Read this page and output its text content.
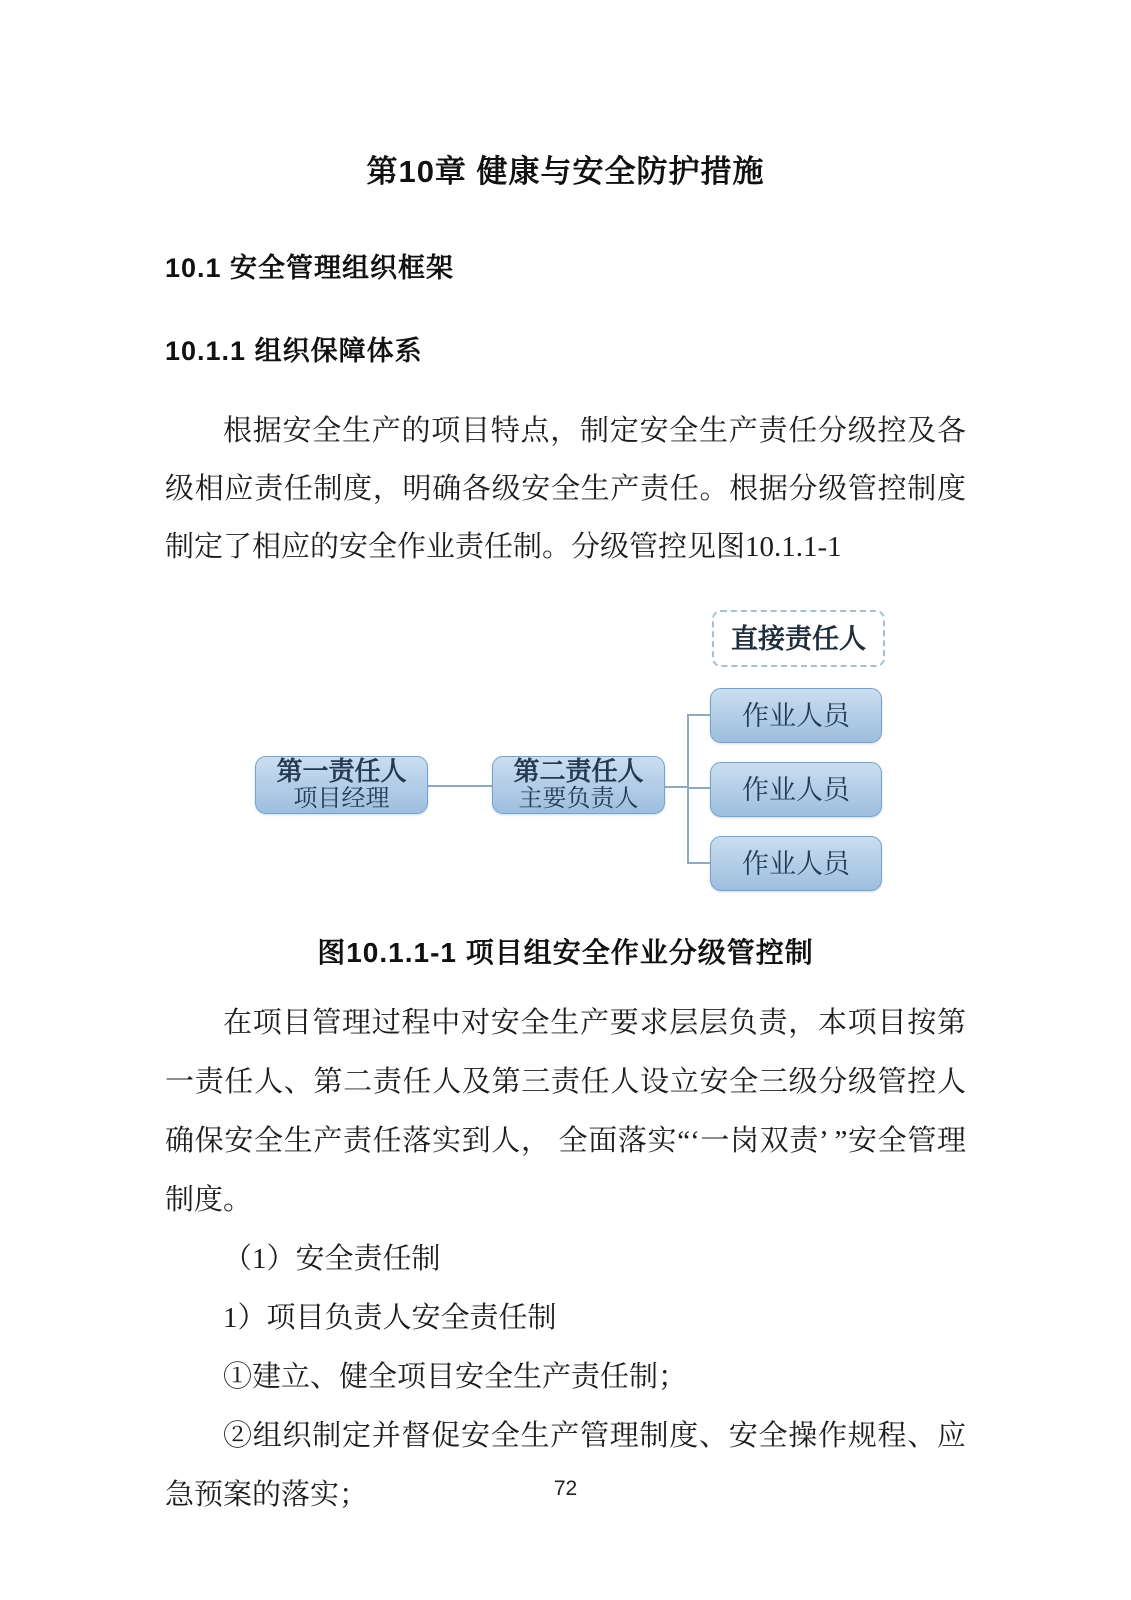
第10章 健康与安全防护措施
10.1 安全管理组织框架
10.1.1 组织保障体系

根据安全生产的项目特点，制定安全生产责任分级控及各级相应责任制度，明确各级安全生产责任。根据分级管控制度制定了相应的安全作业责任制。分级管控见图10.1.1-1

直接责任人
第一责任人
项目经理
第二责任人
主要负责人
作业人员
作业人员
作业人员
图10.1.1-1 项目组安全作业分级管控制

在项目管理过程中对安全生产要求层层负责，本项目按第一责任人、第二责任人及第三责任人设立安全三级分级管控人确保安全生产责任落实到人， 全面落实“‘一岗双责’ ”安全管理制度。

（1）安全责任制

1）项目负责人安全责任制

①建立、健全项目安全生产责任制；

②组织制定并督促安全生产管理制度、安全操作规程、应急预案的落实；	72
